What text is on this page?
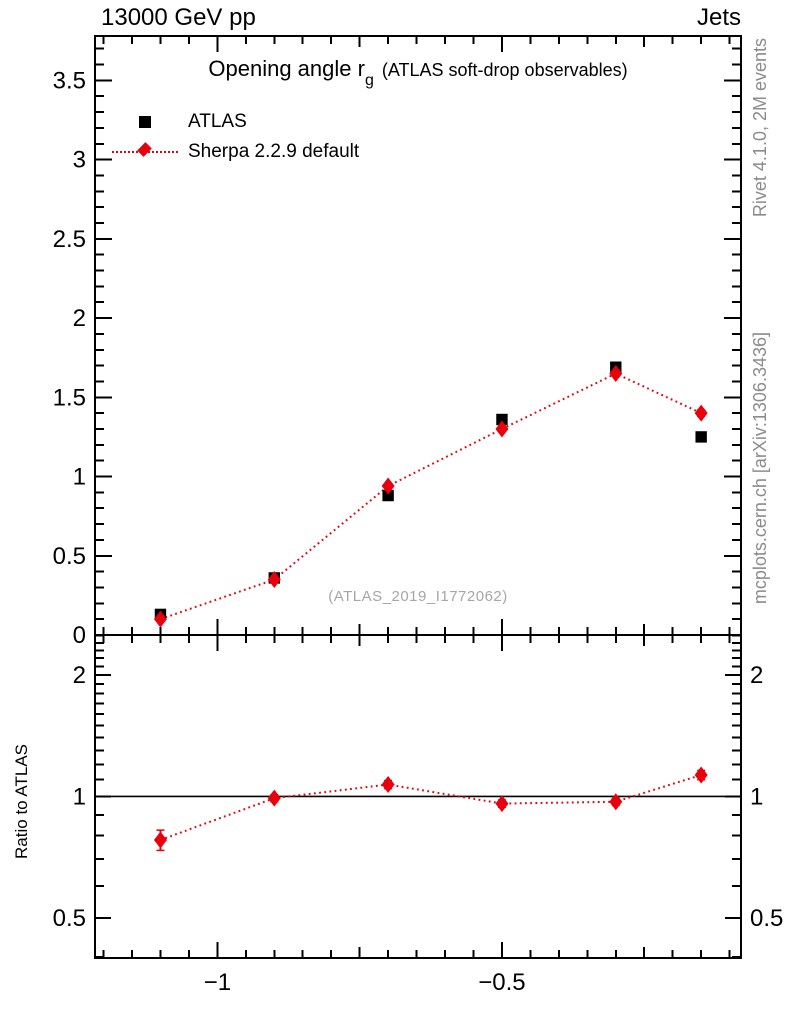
13000 GeV pp	Jets
0
0.5
1
1.5
2
2.5
3
3.5
0.5	0.5
1	1
2	2
−1	−0.5
Opening angle rg(ATLAS soft-drop observables)
ATLAS
Sherpa 2.2.9 default
(ATLAS_2019_I1772062)
Rivet 4.1.0, 2M events
mcplots.cern.ch [arXiv:1306.3436]
Ratio to ATLAS
